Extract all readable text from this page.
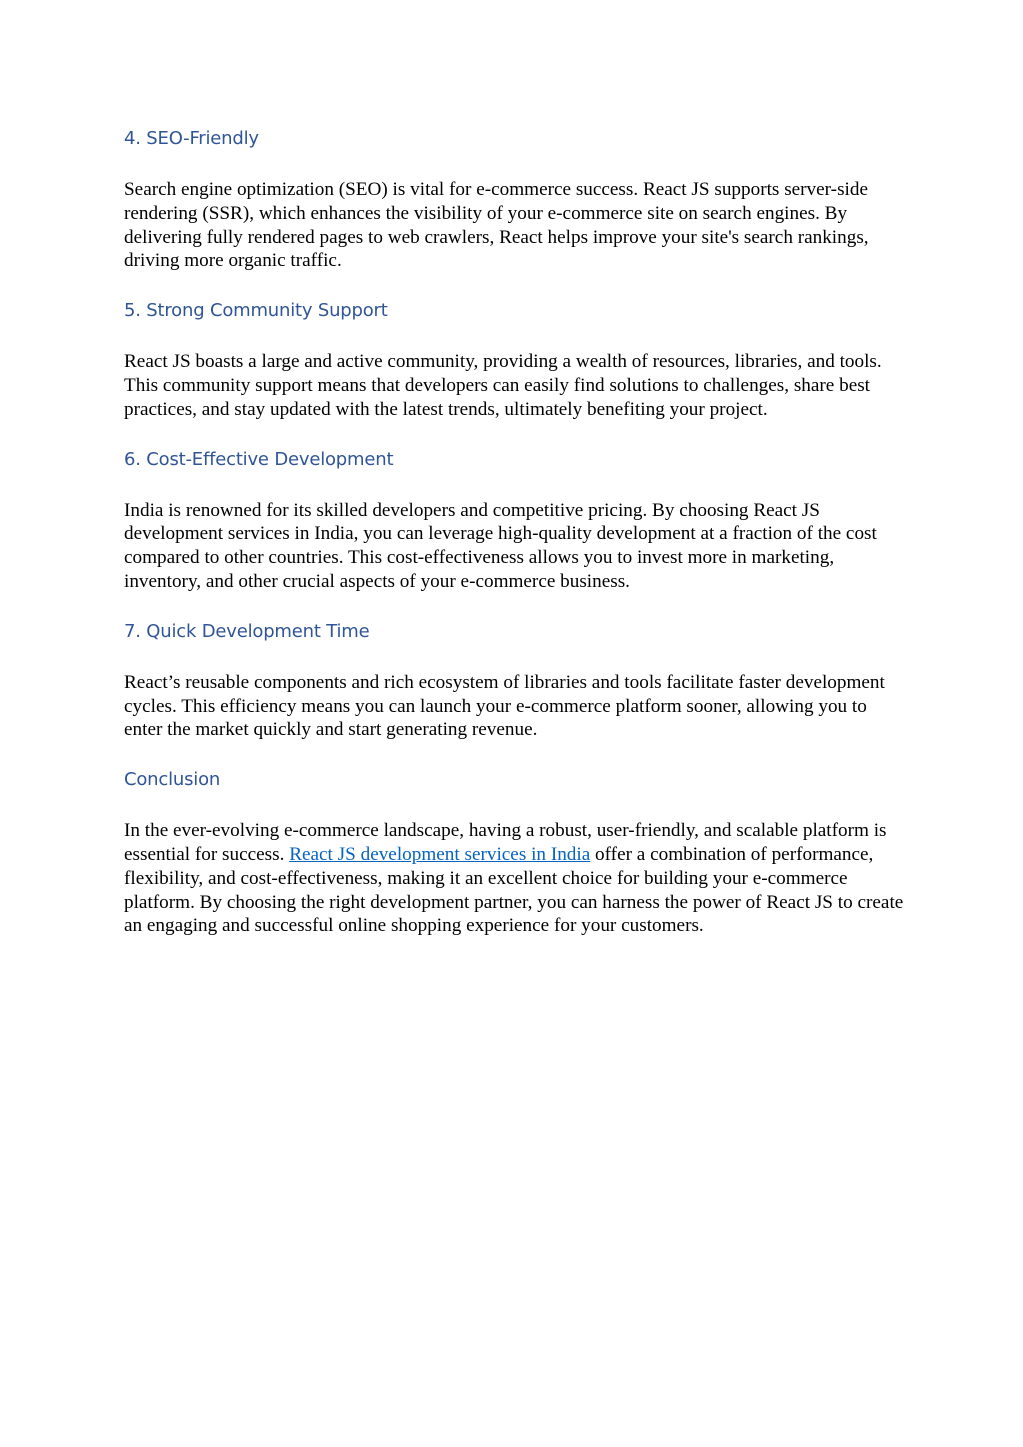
4. SEO-Friendly

Search engine optimization (SEO) is vital for e-commerce success. React JS supports server-side rendering (SSR), which enhances the visibility of your e-commerce site on search engines. By delivering fully rendered pages to web crawlers, React helps improve your site's search rankings, driving more organic traffic.

5. Strong Community Support

React JS boasts a large and active community, providing a wealth of resources, libraries, and tools. This community support means that developers can easily find solutions to challenges, share best practices, and stay updated with the latest trends, ultimately benefiting your project.

6. Cost-Effective Development

India is renowned for its skilled developers and competitive pricing. By choosing React JS development services in India, you can leverage high-quality development at a fraction of the cost compared to other countries. This cost-effectiveness allows you to invest more in marketing, inventory, and other crucial aspects of your e-commerce business.

7. Quick Development Time

React’s reusable components and rich ecosystem of libraries and tools facilitate faster development cycles. This efficiency means you can launch your e-commerce platform sooner, allowing you to enter the market quickly and start generating revenue.

Conclusion

In the ever-evolving e-commerce landscape, having a robust, user-friendly, and scalable platform is essential for success. React JS development services in India offer a combination of performance, flexibility, and cost-effectiveness, making it an excellent choice for building your e-commerce platform. By choosing the right development partner, you can harness the power of React JS to create an engaging and successful online shopping experience for your customers.
